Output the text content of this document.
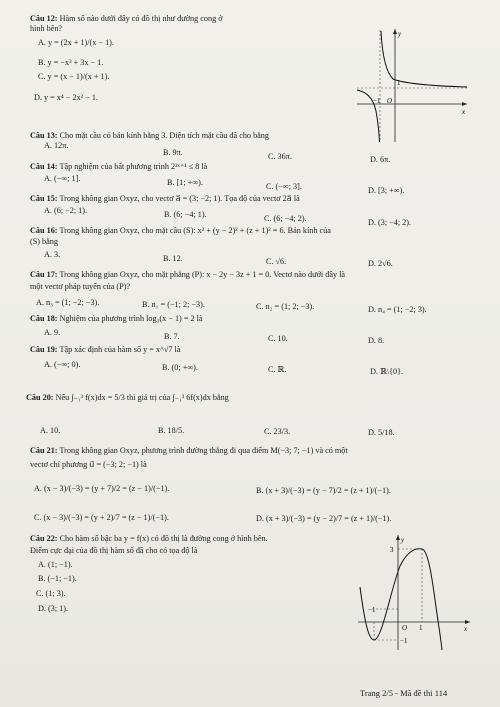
Câu 12: Hàm số nào dưới đây có đồ thị như đường cong ở
hình bên?
A. y = (2x + 1)/(x − 1).
B. y = −x³ + 3x − 1.
C. y = (x − 1)/(x + 1).
D. y = x⁴ − 2x² − 1.
y
x
1
−1 O
Câu 13: Cho mặt cầu có bán kính bằng 3. Diện tích mặt cầu đã cho bằng
A. 12π.
B. 9π.	C. 36π.	D. 6π.
Câu 14: Tập nghiệm của bất phương trình 2²ˣ⁺¹ ≤ 8 là
A. (−∞; 1].	B. [1; +∞).	C. (−∞; 3].	D. [3; +∞).
Câu 15: Trong không gian Oxyz, cho vectơ a⃗ = (3; −2; 1). Tọa độ của vectơ 2a⃗ là
A. (6; −2; 1).	B. (6; −4; 1).	C. (6; −4; 2).	D. (3; −4; 2).
Câu 16: Trong không gian Oxyz, cho mặt cầu (S): x² + (y − 2)² + (z + 1)² = 6. Bán kính của
(S) bằng
A. 3.	B. 12.	C. √6.	D. 2√6.
Câu 17: Trong không gian Oxyz, cho mặt phẳng (P): x − 2y − 3z + 1 = 0. Vectơ nào dưới đây là
một vectơ pháp tuyến của (P)?
A. n₃ = (1; −2; −3).	B. n₁ = (−1; 2; −3).	C. n₂ = (1; 2; −3).	D. n₄ = (1; −2; 3).
Câu 18: Nghiệm của phương trình log₃(x − 1) = 2 là
A. 9.	B. 7.	C. 10.	D. 8.
Câu 19: Tập xác định của hàm số y = x^√7 là
A. (−∞; 0).	B. (0; +∞).	C. ℝ.	D. ℝ\{0}.
Câu 20: Nếu ∫₋₁³ f(x)dx = 5/3 thì giá trị của ∫₋₁³ 6f(x)dx bằng
A. 10.	B. 18/5.	C. 23/3.	D. 5/18.
Câu 21: Trong không gian Oxyz, phương trình đường thẳng đi qua điểm M(−3; 7; −1) và có một
vectơ chỉ phương u⃗ = (−3; 2; −1) là
A. (x − 3)/(−3) = (y + 7)/2 = (z − 1)/(−1).	B. (x + 3)/(−3) = (y − 7)/2 = (z + 1)/(−1).
C. (x − 3)/(−3) = (y + 2)/7 = (z − 1)/(−1).	D. (x + 3)/(−3) = (y − 2)/7 = (z + 1)/(−1).
Câu 22: Cho hàm số bậc ba y = f(x) có đồ thị là đường cong ở hình bên.
Điểm cực đại của đồ thị hàm số đã cho có tọa độ là
A. (1; −1).
B. (−1; −1).
C. (1; 3).
D. (3; 1).
y
x
3
−1
−1
O 1
Trang 2/5 - Mã đề thi 114
